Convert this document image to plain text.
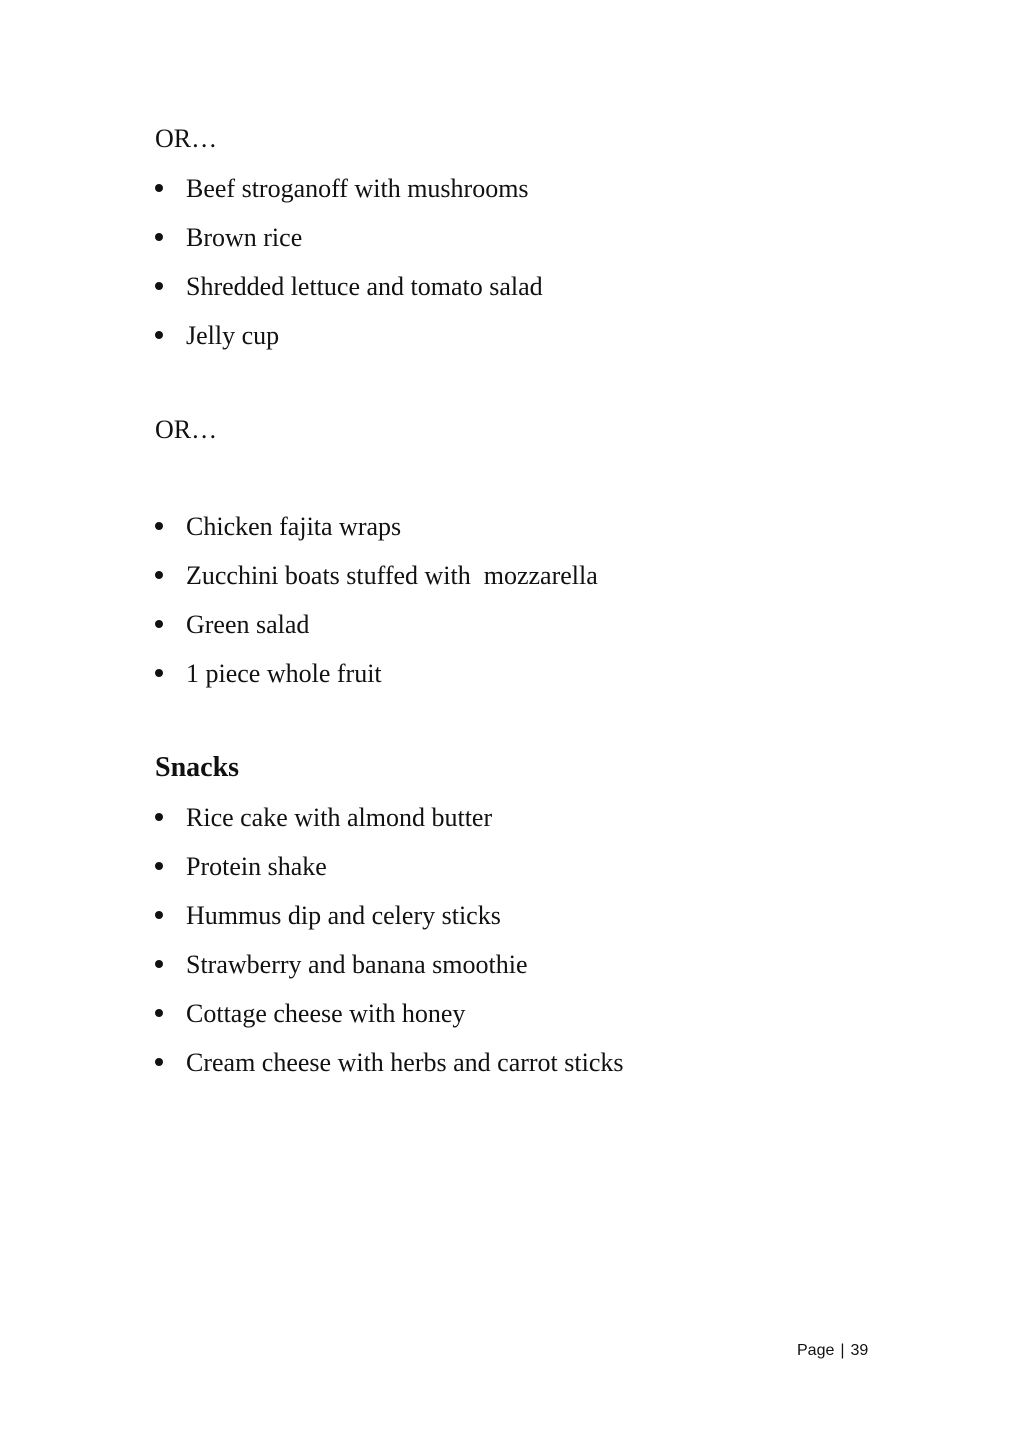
OR…

Beef stroganoff with mushrooms
Brown rice
Shredded lettuce and tomato salad
Jelly cup

OR…

Chicken fajita wraps
Zucchini boats stuffed with  mozzarella
Green salad
1 piece whole fruit
Snacks
Rice cake with almond butter
Protein shake
Hummus dip and celery sticks
Strawberry and banana smoothie
Cottage cheese with honey
Cream cheese with herbs and carrot sticks
Page | 39
